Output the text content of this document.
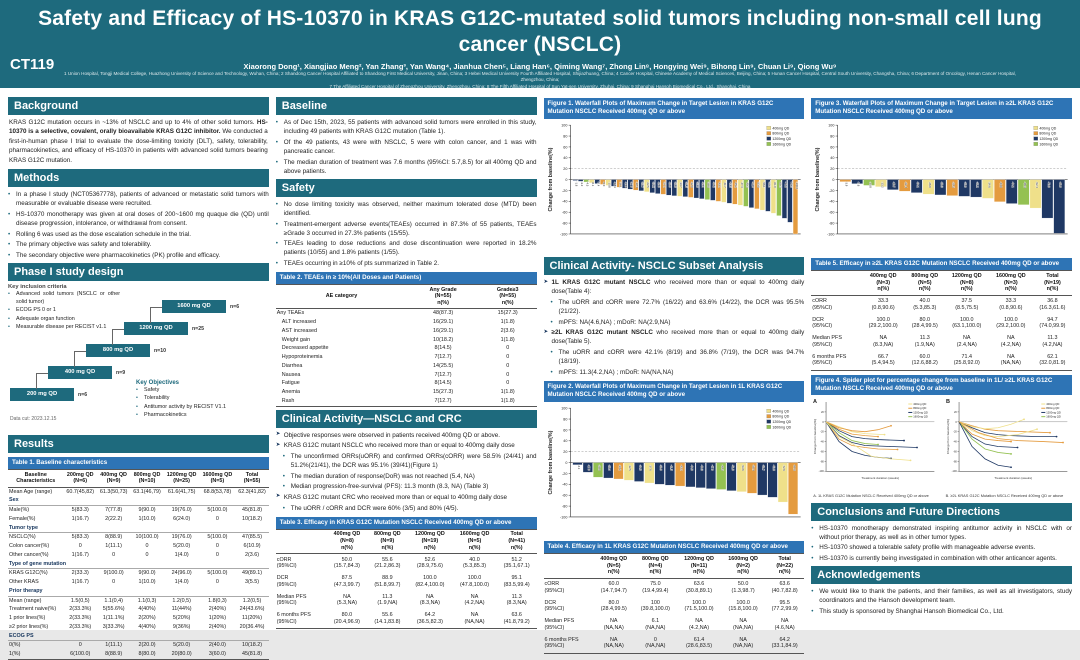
Safety and Efficacy of HS-10370 in KRAS G12C-mutated solid tumors including non-small cell lung cancer (NSCLC)
Xiaorong Dong¹, Xiangjiao Meng², Yan Zhang³, Yan Wang⁴, Jianhua Chen⁵, Liang Han⁶, Qiming Wang⁷, Zhong Lin⁸, Hongying Wei⁹, Bihong Lin⁹, Chuan Li⁹, Qiong Wu⁹
1 Union Hospital, Tongji Medical College, Huazhong University of Science and Technology, Wuhan, China; 2 Shandong Cancer Hospital Affiliated to Shandong First Medical University, Jinan, China; 3 Hebei Medical University Fourth Affiliated Hospital, Shijiazhuang, China; 4 Cancer Hospital, Chinese Academy of Medical Sciences, Beijing, China; 5 Hunan Cancer Hospital, Central South University, Changsha, China; 6 Department of Oncology, Henan Cancer Hospital, Zhengzhou, China;
7 The Affiliated Cancer Hospital of Zhengzhou University, Zhengzhou, China; 8 The Fifth Affiliated Hospital of Sun Yat-sen University, Zhuhai, China; 9 Shanghai Hansoh Biomedical Co., Ltd., Shanghai, China
CT119
Background

KRAS G12C mutation occurs in ~13% of NSCLC and up to 4% of other solid tumors. HS-10370 is a selective, covalent, orally bioavailable KRAS G12C inhibitor. We conducted a first-in-human phase I trial to evaluate the dose-limiting toxicity (DLT), safety, tolerability, pharmacokinetics, and efficacy of HS-10370 in patients with advanced solid tumors bearing KRAS G12C mutation.

Methods
• In a phase I study (NCT05367778), patients of advanced or metastatic solid tumors with measurable or evaluable disease were recruited.
• HS-10370 monotherapy was given at oral doses of 200~1600 mg quaque die (QD) until disease progression, intolerance, or withdrawal from consent.
• Rolling 6 was used as the dose escalation schedule in the trial.
• The primary objective was safety and tolerability.
• The secondary objective were pharmacokinetics (PK) profile and efficacy.
Phase I study design
200 mg QD	n=6
400 mg QD	n=9
800 mg QD	n=10
1200 mg QD	n=25
1600 mg QD	n=6
Key inclusion criteria
•	Advanced solid tumors (NSCLC or other solid tumor)
•	ECOG PS 0 or 1
•	Adequate organ function
•	Measurable disease per RECIST v1.1
Key Objectives
•	Safety
•	Tolerability
•	Antitumor activity by RECIST V1.1
•	Pharmacokinetics
Data cut: 2023.12.15
Results
Table 1. Baseline characteristics
Baseline
Characteristics	200mg QD
(N=6)	400mg QD
(N=9)	800mg QD
(N=10)	1200mg QD
(N=25)	1600mg QD
(N=5)	Total
(N=55)
Mean Age (range)	60.7(45,82)	61.3(50,73)	63.1(46,79)	61.6(41,75)	68.8(53,78)	62.3(41,82)
Sex						
Male(%)	5(83.3)	7(77.8)	9(90.0)	19(76.0)	5(100.0)	45(81.8)
Female(%)	1(16.7)	2(22.2)	1(10.0)	6(24.0)	0	10(18.2)
Tumor type						
NSCLC(%)	5(83.3)	8(88.9)	10(100.0)	19(76.0)	5(100.0)	47(85.5)
Colon cancer(%)	0	1(11.1)	0	5(20.0)	0	6(10.9)
Other cancer(%)	1(16.7)	0	0	1(4.0)	0	2(3.6)
Type of gene mutation						
KRAS G12C(%)	2(33.3)	9(100.0)	9(90.0)	24(96.0)	5(100.0)	49(89.1)
Other KRAS	1(16.7)	0	1(10.0)	1(4.0)	0	3(5.5)
Prior therapy						
Mean (range)	1.5(0,5)	1.1(0,4)	1.1(0,3)	1.2(0,5)	1.8(0,3)	1.2(0,5)
Treatment naive(%)	2(33.3%)	5(55.6%)	4(40%)	11(44%)	2(40%)	24(43.6%)
1 prior lines(%)	2(33.3%)	1(11.1%)	2(20%)	5(20%)	1(20%)	11(20%)
≥2 prior lines(%)	2(33.3%)	3(33.3%)	4(40%)	9(36%)	2(40%)	20(36.4%)
ECOG PS						
0(%)	0	1(11.1)	2(20.0)	5(20.0)	2(40.0)	10(18.2)
1(%)	6(100.0)	8(88.9)	8(80.0)	20(80.0)	3(60.0)	45(81.8)
Baseline
• As of Dec 15th, 2023, 55 patients with advanced solid tumors were enrolled in this study, including 49 patients with KRAS G12C mutation (Table 1).
• Of the 49 patients, 43 were with NSCLC, 5 were with colon cancer, and 1 was with pancreatic cancer.
• The median duration of treatment was 7.6 months (95%CI: 5.7,8.5) for all 400mg QD and above patients.
Safety
• No dose limiting toxicity was observed, neither maximum tolerated dose (MTD) been identified.
• Treatment-emergent adverse events(TEAEs) occurred in 87.3% of 55 patients, TEAEs ≥Grade 3 occurred in 27.3% patients (15/55).
• TEAEs leading to dose reductions and dose discontinuation were reported in 18.2% patients (10/55) and 1.8% patients (1/55).
• TEAEs occurring in ≥10% of pts summarized in Table 2.
Table 2. TEAEs in ≥ 10%(All Doses and Patients)
AE category	Any Grade
(N=55)
n(%)	Grade≥3
(N=55)
n(%)
Any TEAEs	48(87.3)	15(27.3)
ALT increased	16(29.1)	1(1.8)
AST increased	16(29.1)	2(3.6)
Weight gain	10(18.2)	1(1.8)
Decreased appetite	8(14.5)	0
Hypoproteinemia	7(12.7)	0
Diarrhea	14(25.5)	0
Nausea	7(12.7)	0
Fatigue	8(14.5)	0
Anemia	15(27.3)	1(1.8)
Rash	7(12.7)	1(1.8)
Clinical Activity—NSCLC and CRC
➤ Objective responses were observed in patients received 400mg QD or above.
➤ KRAS G12C mutant NSCLC who received more than or equal to 400mg daily dose
• The unconfirmed ORRs(uORR) and confirmed ORRs(cORR) were 58.5% (24/41) and 51.2%(21/41), the DCR was 95.1% (39/41)(Figure 1)
• The median duration of response(DoR) was not reached (5.4, NA)
• Median progression-free-survival (PFS): 11.3 month (8.3, NA) (Table 3)
➤ KRAS G12C mutant CRC who received more than or equal to 400mg daily dose
• The uORR / cORR and DCR were 60% (3/5) and 80% (4/5).
Table 3. Efficacy in KRAS G12C Mutation NSCLC Received 400mg QD or above
	400mg QD
(N=8)
n(%)	800mg QD
(N=9)
n(%)	1200mg QD
(N=19)
n(%)	1600mg QD
(N=5)
n(%)	Total
(N=41)
n(%)
cORR
(95%CI)	50.0
(15.7,84.3)	55.6
(21.2,86.3)	52.6
(28.9,75.6)	40.0
(5.3,85.3)	51.2
(35.1,67.1)
DCR
(95%CI)	87.5
(47.3,99.7)	88.9
(51.8,99.7)	100.0
(82.4,100.0)	100.0
(47.8,100.0)	95.1
(83.5,99.4)
Median PFS
(95%CI)	NA
(5.3,NA)	11.3
(1.9,NA)	NA
(8.3,NA)	NA
(4.2,NA)	11.3
(8.3,NA)
6 months PFS
(95%CI)	80.0
(20.4,96.9)	55.6
(14.1,83.8)	64.2
(36.5,82.3)	NA
(NA,NA)	63.6
(41.8,79.2)
Figure 1. Waterfall Plots of Maximum Change in Target Lesion in KRAS G12C Mutation NSCLC Received 400mg QD or above
100
80
60
40
20
0
-20
-40
-60
-80
-100
Change from baseline(%)	-1.8 -3.2 -4.5 -6.1 -7.4 -9.0 -10.8 -12.3 -14.1 -15.9 -17.6 -19.4 -20.7 -22.5 -24.2 -25.8 -27.1 -28.6 -29.9 -30.7 -31.5 -32.8 -33.9 -35.4 -36.8 -38.2 -40.1 -41.7 -43.5 -45.2 -47.0 -49.3 -51.6 -53.8 -56.1 -58.4 -61.9 -66.3 -71.2 -78.5 -100.0
400mg QD
800mg QD
1200mg QD
1600mg QD
Clinical Activity- NSCLC Subset Analysis
➤ 1L KRAS G12C mutant NSCLC who received more than or equal to 400mg daily dose(Table 4):
• The uORR and cORR were 72.7% (16/22) and 63.6% (14/22), the DCR was 95.5% (21/22).
• mPFS: NA(4.6,NA) ; mDoR: NA(2.9,NA)
➤ ≥2L KRAS G12C mutant NSCLC who received more than or equal to 400mg daily dose(Table 5).
• The uORR and cORR were 42.1% (8/19) and 36.8% (7/19), the DCR was 94.7% (18/19).
• mPFS: 11.3(4.2,NA) ; mDoR: NA(NA,NA)
Figure 2. Waterfall Plots of Maximum Change in Target Lesion in 1L KRAS G12C Mutation NSCLC Received 400mg QD or above
100
80
60
40
20
0
-20
-40
-60
-80
-100
Change from baseline(%)	-4.1	-17.8	-26.9	-28.4	-30.2	-32.5	-34.8	-37.6	-39.9	-41.5	-43.2	-44.8	-46.3	-47.9	-49.5	-51.8	-53.6	-56.4	-59.7	-63.8	-72.6	-94.8
400mg QD
800mg QD
1200mg QD
1600mg QD
Table 4. Efficacy in 1L KRAS G12C Mutation NSCLC Received 400mg QD or above
	400mg QD
(N=5)
n(%)	800mg QD
(N=4)
n(%)	1200mg QD
(N=11)
n(%)	1600mg QD
(N=2)
n(%)	Total
(N=22)
n(%)
cORR
(95%CI)	60.0
(14.7,94.7)	75.0
(19.4,99.4)	63.6
(30.8,89.1)	50.0
(1.3,98.7)	63.6
(40.7,82.8)
DCR
(95%CI)	80.0
(28.4,99.5)	100
(39.8,100.0)	100.0
(71.5,100.0)	100.0
(15.8,100.0)	95.5
(77.2,99.9)
Median PFS
(95%CI)	NA
(NA,NA)	6.1
(NA,NA)	NA
(4.2,NA)	NA
(NA,NA)	NA
(4.6,NA)
6 months PFS
(95%CI)	NA
(NA,NA)	0
(NA,NA)	61.4
(28.6,83.5)	NA
(NA,NA)	64.2
(33.1,84.9)
Figure 3. Waterfall Plots of Maximum Change in Target Lesion in ≥2L KRAS G12C Mutation NSCLC Received 400mg QD or above
100
80
60
40
20
0
-20
-40
-60
-80
-100
Change from baseline(%)	-3.9	-7.6	-10.8	-13.2	-18.7	-21.4	-24.1	-26.8	-28.3	-29.5	-30.9	-32.2	-34.6	-40.8	-44.1	-46.3	-52.4	-70.8	-98.6
400mg QD
800mg QD
1200mg QD
1600mg QD
Table 5. Efficacy in ≥2L KRAS G12C Mutation NSCLC Received 400mg QD or above
	400mg QD
(N=3)
n(%)	800mg QD
(N=5)
n(%)	1200mg QD
(N=8)
n(%)	1600mg QD
(N=3)
n(%)	Total
(N=19)
n(%)
cORR
(95%CI)	33.3
(0.8,90.6)	40.0
(5.3,85.3)	37.5
(8.5,75.5)	33.3
(0.8,90.6)	36.8
(16.3,61.6)
DCR
(95%CI)	100.0
(29.2,100.0)	80.0
(28.4,99.5)	100.0
(63.1,100.0)	100.0
(29.2,100.0)	94.7
(74.0,99.9)
Median PFS
(95%CI)	NA
(8.3,NA)	11.3
(1.9,NA)	NA
(2.4,NA)	NA
(4.2,NA)	11.3
(4.2,NA)
6 months PFS
(95%CI)	66.7
(5.4,94.5)	60.0
(12.6,88.2)	71.4
(25.8,92.0)	NA
(NA,NA)	62.1
(32.0,81.9)
Figure 4. Spider plot for percentage change from baseline in 1L/ ≥2L KRAS G12C Mutation NSCLC Received 400mg QD or above
A
20
0
-20
-40
-60
-80
-100
400mg QD
800mg QD
1200mg QD
1600mg QD
Treatment duration (weeks)
Change from baseline(%)
A. 1L KRAS G12C Mutation NSCLC Received 400mg QD or above
B
20
0
-20
-40
-60
-80
-100
400mg QD
800mg QD
1200mg QD
1600mg QD
Treatment duration (weeks)
Change from baseline(%)
B. ≥2L KRAS G12C Mutation NSCLC Received 400mg QD or above
Conclusions and Future Directions
• HS-10370 monotherapy demonstrated inspiring antitumor activity in NSCLC with or without prior therapy, as well as in other tumor types.
• HS-10370 showed a tolerable safety profile with manageable adverse events.
• HS-10370 is currently being investigated in combination with other anticancer agents.
Acknowledgements
• We would like to thank the patients, and their families, as well as all investigators, study coordinators and the Hansoh development team.
• This study is sponsored by Shanghai Hansoh Biomedical Co., Ltd.
